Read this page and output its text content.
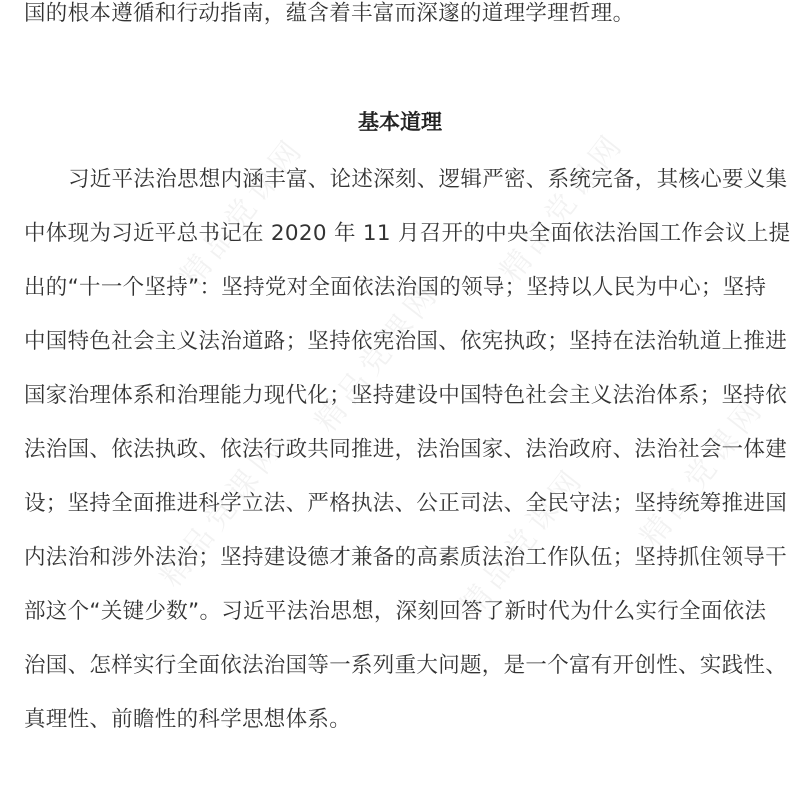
国的根本遵循和行动指南，蕴含着丰富而深邃的道理学理哲理。
基本道理
习近平法治思想内涵丰富、论述深刻、逻辑严密、系统完备，其核心要义集
中体现为习近平总书记在 2020 年 11 月召开的中央全面依法治国工作会议上提
出的“十一个坚持”：坚持党对全面依法治国的领导；坚持以人民为中心；坚持
中国特色社会主义法治道路；坚持依宪治国、依宪执政；坚持在法治轨道上推进
国家治理体系和治理能力现代化；坚持建设中国特色社会主义法治体系；坚持依
法治国、依法执政、依法行政共同推进，法治国家、法治政府、法治社会一体建
设；坚持全面推进科学立法、严格执法、公正司法、全民守法；坚持统筹推进国
内法治和涉外法治；坚持建设德才兼备的高素质法治工作队伍；坚持抓住领导干
部这个“关键少数”。习近平法治思想，深刻回答了新时代为什么实行全面依法
治国、怎样实行全面依法治国等一系列重大问题，是一个富有开创性、实践性、
真理性、前瞻性的科学思想体系。
精品党课网	精品党课网
精品党课网
精品党课网
精品党课网	精品党课网
